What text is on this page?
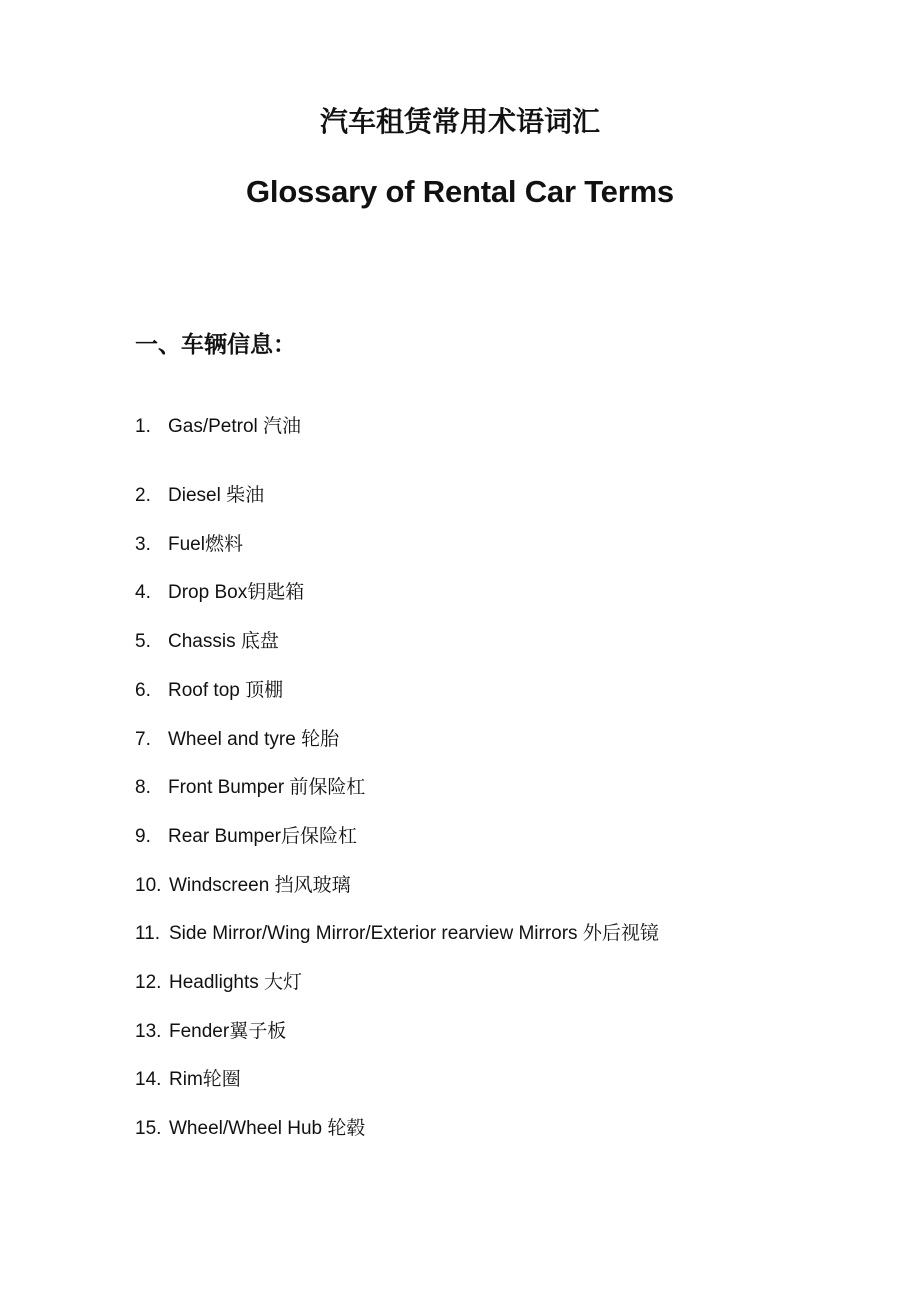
汽车租赁常用术语词汇
Glossary of Rental Car Terms
一、车辆信息：
1. Gas/Petrol 汽油
2. Diesel 柴油
3. Fuel燃料
4. Drop Box钥匙箱
5. Chassis 底盘
6. Roof top 顶棚
7. Wheel and tyre 轮胎
8. Front Bumper 前保险杠
9. Rear Bumper后保险杠
10. Windscreen 挡风玻璃
11. Side Mirror/Wing Mirror/Exterior rearview Mirrors 外后视镜
12. Headlights 大灯
13. Fender翼子板
14. Rim轮圈
15. Wheel/Wheel Hub 轮毂
